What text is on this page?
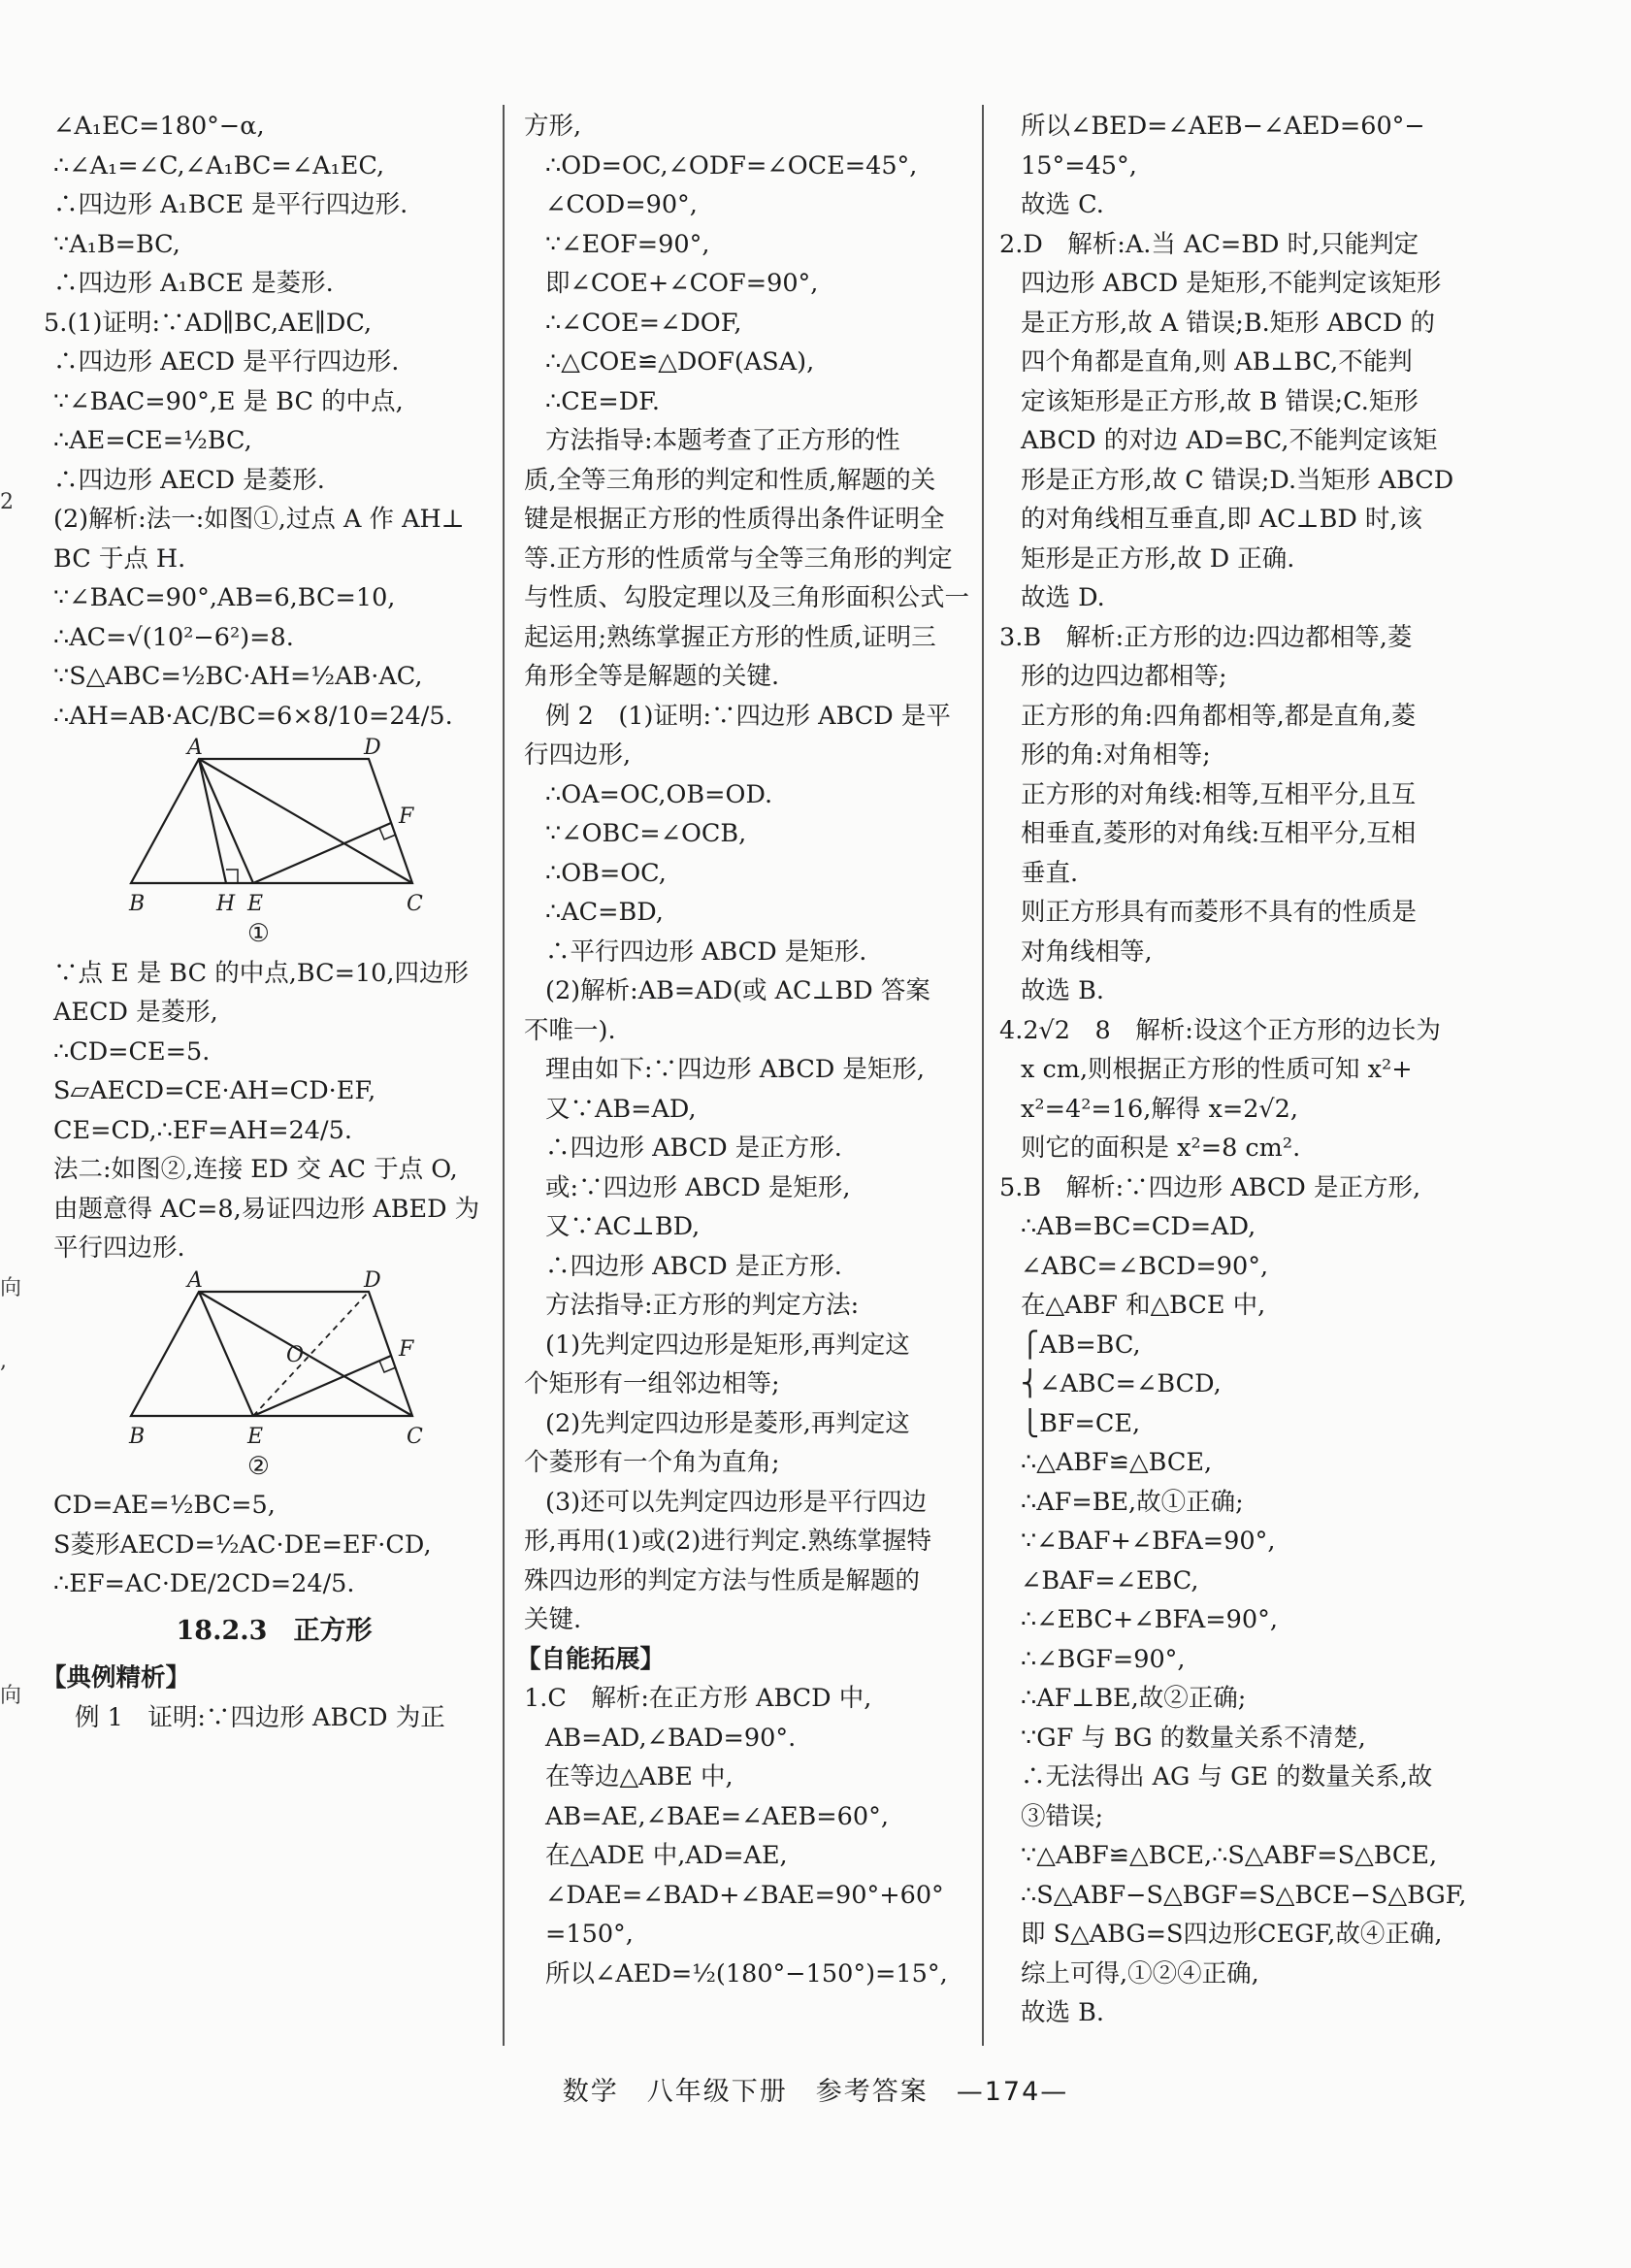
2
向
,
向
∠A₁EC=180°−α,
∴∠A₁=∠C,∠A₁BC=∠A₁EC,
∴四边形 A₁BCE 是平行四边形.
∵A₁B=BC,
∴四边形 A₁BCE 是菱形.
5.(1)证明:∵AD∥BC,AE∥DC,
∴四边形 AECD 是平行四边形.
∵∠BAC=90°,E 是 BC 的中点,
∴AE=CE=½BC,
∴四边形 AECD 是菱形.
(2)解析:法一:如图①,过点 A 作 AH⊥
BC 于点 H.
∵∠BAC=90°,AB=6,BC=10,
∴AC=√(10²−6²)=8.
∵S△ABC=½BC·AH=½AB·AC,
∴AH=AB·AC/BC=6×8/10=24/5.
A	D
B	H E	C
F
①
∵点 E 是 BC 的中点,BC=10,四边形
AECD 是菱形,
∴CD=CE=5.
S▱AECD=CE·AH=CD·EF,
CE=CD,∴EF=AH=24/5.
法二:如图②,连接 ED 交 AC 于点 O,
由题意得 AC=8,易证四边形 ABED 为
平行四边形.
A	D
B	E	C
F
O
②
CD=AE=½BC=5,
S菱形AECD=½AC·DE=EF·CD,
∴EF=AC·DE/2CD=24/5.
18.2.3　正方形
【典例精析】
例 1　证明:∵四边形 ABCD 为正
方形,
∴OD=OC,∠ODF=∠OCE=45°,
∠COD=90°,
∵∠EOF=90°,
即∠COE+∠COF=90°,
∴∠COE=∠DOF,
∴△COE≌△DOF(ASA),
∴CE=DF.
方法指导:本题考查了正方形的性
质,全等三角形的判定和性质,解题的关
键是根据正方形的性质得出条件证明全
等.正方形的性质常与全等三角形的判定
与性质、勾股定理以及三角形面积公式一
起运用;熟练掌握正方形的性质,证明三
角形全等是解题的关键.
例 2　(1)证明:∵四边形 ABCD 是平
行四边形,
∴OA=OC,OB=OD.
∵∠OBC=∠OCB,
∴OB=OC,
∴AC=BD,
∴平行四边形 ABCD 是矩形.
(2)解析:AB=AD(或 AC⊥BD 答案
不唯一).
理由如下:∵四边形 ABCD 是矩形,
又∵AB=AD,
∴四边形 ABCD 是正方形.
或:∵四边形 ABCD 是矩形,
又∵AC⊥BD,
∴四边形 ABCD 是正方形.
方法指导:正方形的判定方法:
(1)先判定四边形是矩形,再判定这
个矩形有一组邻边相等;
(2)先判定四边形是菱形,再判定这
个菱形有一个角为直角;
(3)还可以先判定四边形是平行四边
形,再用(1)或(2)进行判定.熟练掌握特
殊四边形的判定方法与性质是解题的
关键.
【自能拓展】
1.C　解析:在正方形 ABCD 中,
AB=AD,∠BAD=90°.
在等边△ABE 中,
AB=AE,∠BAE=∠AEB=60°,
在△ADE 中,AD=AE,
∠DAE=∠BAD+∠BAE=90°+60°
=150°,
所以∠AED=½(180°−150°)=15°,
所以∠BED=∠AEB−∠AED=60°−
15°=45°,
故选 C.
2.D　解析:A.当 AC=BD 时,只能判定
四边形 ABCD 是矩形,不能判定该矩形
是正方形,故 A 错误;B.矩形 ABCD 的
四个角都是直角,则 AB⊥BC,不能判
定该矩形是正方形,故 B 错误;C.矩形
ABCD 的对边 AD=BC,不能判定该矩
形是正方形,故 C 错误;D.当矩形 ABCD
的对角线相互垂直,即 AC⊥BD 时,该
矩形是正方形,故 D 正确.
故选 D.
3.B　解析:正方形的边:四边都相等,菱
形的边四边都相等;
正方形的角:四角都相等,都是直角,菱
形的角:对角相等;
正方形的对角线:相等,互相平分,且互
相垂直,菱形的对角线:互相平分,互相
垂直.
则正方形具有而菱形不具有的性质是
对角线相等,
故选 B.
4.2√2　8　解析:设这个正方形的边长为
x cm,则根据正方形的性质可知 x²+
x²=4²=16,解得 x=2√2,
则它的面积是 x²=8 cm².
5.B　解析:∵四边形 ABCD 是正方形,
∴AB=BC=CD=AD,
∠ABC=∠BCD=90°,
在△ABF 和△BCE 中,
⎧AB=BC,
⎨∠ABC=∠BCD,
⎩BF=CE,
∴△ABF≌△BCE,
∴AF=BE,故①正确;
∵∠BAF+∠BFA=90°,
∠BAF=∠EBC,
∴∠EBC+∠BFA=90°,
∴∠BGF=90°,
∴AF⊥BE,故②正确;
∵GF 与 BG 的数量关系不清楚,
∴无法得出 AG 与 GE 的数量关系,故
③错误;
∵△ABF≌△BCE,∴S△ABF=S△BCE,
∴S△ABF−S△BGF=S△BCE−S△BGF,
即 S△ABG=S四边形CEGF,故④正确,
综上可得,①②④正确,
故选 B.
数学　八年级下册　参考答案　—174—
